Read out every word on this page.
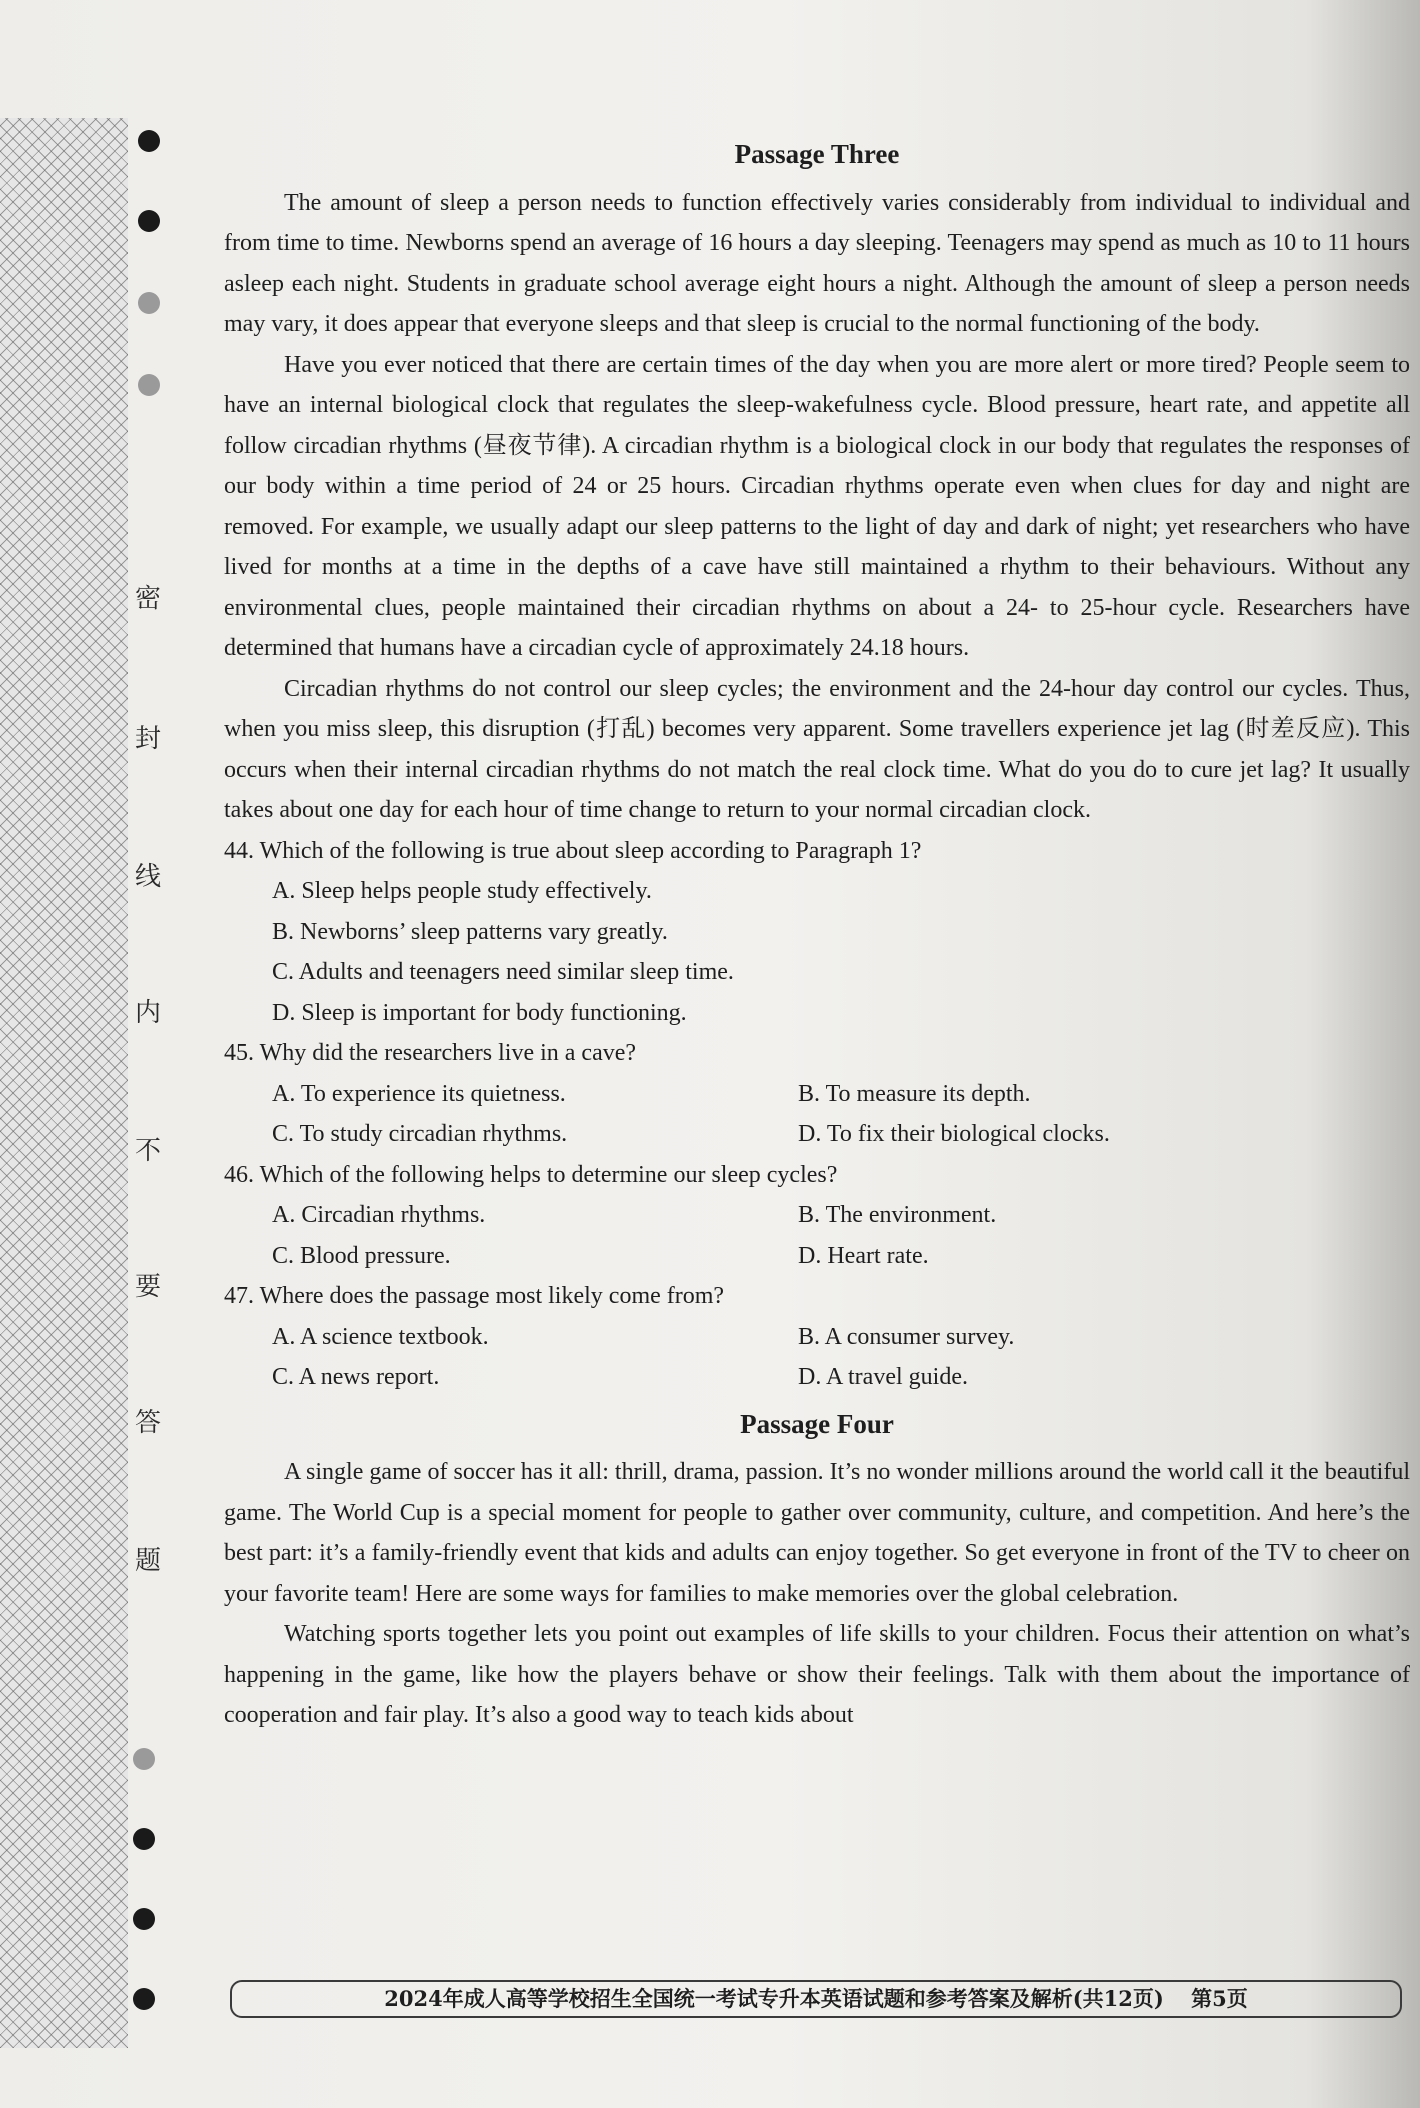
密
封
线
内
不
要
答
题
Passage Three

The amount of sleep a person needs to function effectively varies considerably from individual to individual and from time to time. Newborns spend an average of 16 hours a day sleeping. Teenagers may spend as much as 10 to 11 hours asleep each night. Students in graduate school average eight hours a night. Although the amount of sleep a person needs may vary, it does appear that everyone sleeps and that sleep is crucial to the normal functioning of the body.

Have you ever noticed that there are certain times of the day when you are more alert or more tired? People seem to have an internal biological clock that regulates the sleep-wakefulness cycle. Blood pressure, heart rate, and appetite all follow circadian rhythms (昼夜节律). A circadian rhythm is a biological clock in our body that regulates the responses of our body within a time period of 24 or 25 hours. Circadian rhythms operate even when clues for day and night are removed. For example, we usually adapt our sleep patterns to the light of day and dark of night; yet researchers who have lived for months at a time in the depths of a cave have still maintained a rhythm to their behaviours. Without any environmental clues, people maintained their circadian rhythms on about a 24- to 25-hour cycle. Researchers have determined that humans have a circadian cycle of approximately 24.18 hours.

Circadian rhythms do not control our sleep cycles; the environment and the 24-hour day control our cycles. Thus, when you miss sleep, this disruption (打乱) becomes very apparent. Some travellers experience jet lag (时差反应). This occurs when their internal circadian rhythms do not match the real clock time. What do you do to cure jet lag? It usually takes about one day for each hour of time change to return to your normal circadian clock.

44. Which of the following is true about sleep according to Paragraph 1?

A. Sleep helps people study effectively.
B. Newborns’ sleep patterns vary greatly.
C. Adults and teenagers need similar sleep time.
D. Sleep is important for body functioning.

45. Why did the researchers live in a cave?

A. To experience its quietness.	B. To measure its depth.
C. To study circadian rhythms.	D. To fix their biological clocks.

46. Which of the following helps to determine our sleep cycles?

A. Circadian rhythms.	B. The environment.
C. Blood pressure.	D. Heart rate.

47. Where does the passage most likely come from?

A. A science textbook.	B. A consumer survey.
C. A news report.	D. A travel guide.
Passage Four

A single game of soccer has it all: thrill, drama, passion. It’s no wonder millions around the world call it the beautiful game. The World Cup is a special moment for people to gather over community, culture, and competition. And here’s the best part: it’s a family-friendly event that kids and adults can enjoy together. So get everyone in front of the TV to cheer on your favorite team! Here are some ways for families to make memories over the global celebration.

Watching sports together lets you point out examples of life skills to your children. Focus their attention on what’s happening in the game, like how the players behave or show their feelings. Talk with them about the importance of cooperation and fair play. It’s also a good way to teach kids about

2024年成人高等学校招生全国统一考试专升本英语试题和参考答案及解析(共12页) 第5页
